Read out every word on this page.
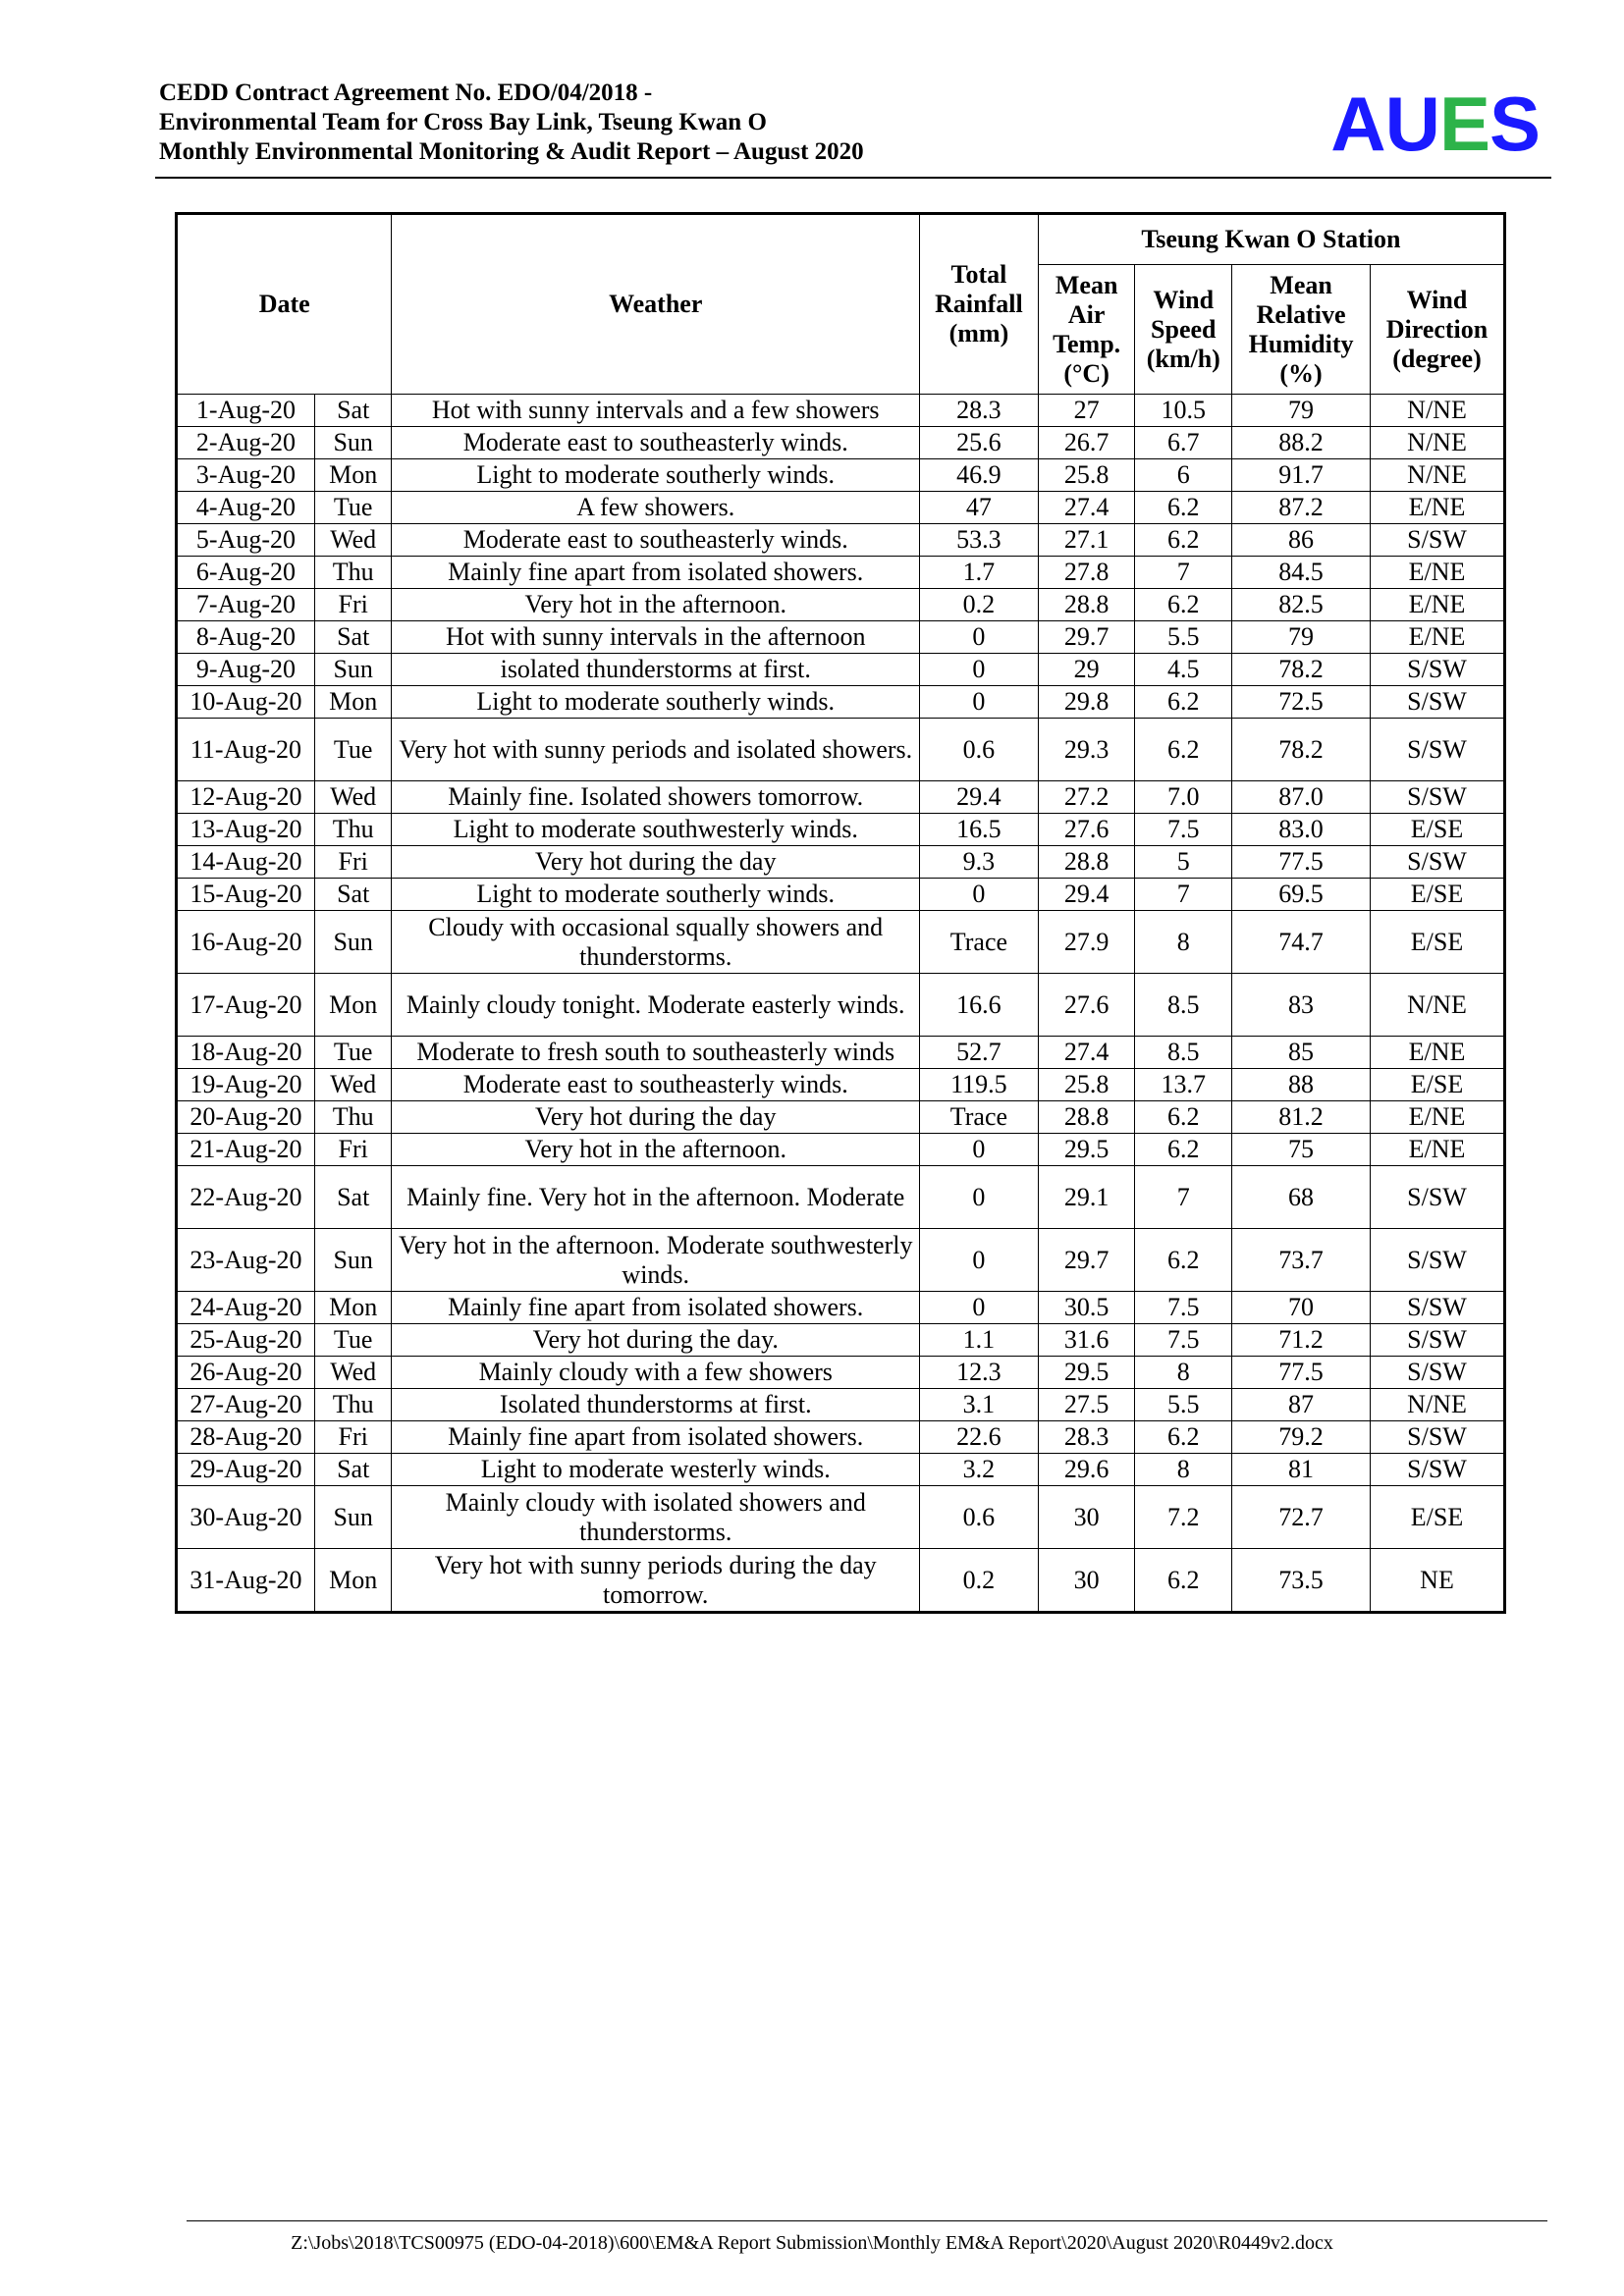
CEDD Contract Agreement No. EDO/04/2018 -
Environmental Team for Cross Bay Link, Tseung Kwan O
Monthly Environmental Monitoring & Audit Report – August 2020	AUES
Date		Weather	Total Rainfall (mm)	Tseung Kwan O Station			
				Mean Air Temp. (°C)	Wind Speed (km/h)	Mean Relative Humidity (%)	Wind Direction (degree)
1-Aug-20	Sat	Hot with sunny intervals and a few showers	28.3	27	10.5	79	N/NE
2-Aug-20	Sun	Moderate east to southeasterly winds.	25.6	26.7	6.7	88.2	N/NE
3-Aug-20	Mon	Light to moderate southerly winds.	46.9	25.8	6	91.7	N/NE
4-Aug-20	Tue	A few showers.	47	27.4	6.2	87.2	E/NE
5-Aug-20	Wed	Moderate east to southeasterly winds.	53.3	27.1	6.2	86	S/SW
6-Aug-20	Thu	Mainly fine apart from isolated showers.	1.7	27.8	7	84.5	E/NE
7-Aug-20	Fri	Very hot in the afternoon.	0.2	28.8	6.2	82.5	E/NE
8-Aug-20	Sat	Hot with sunny intervals in the afternoon	0	29.7	5.5	79	E/NE
9-Aug-20	Sun	isolated thunderstorms at first.	0	29	4.5	78.2	S/SW
10-Aug-20	Mon	Light to moderate southerly winds.	0	29.8	6.2	72.5	S/SW
11-Aug-20	Tue	Very hot with sunny periods and isolated showers.	0.6	29.3	6.2	78.2	S/SW
12-Aug-20	Wed	Mainly fine. Isolated showers tomorrow.	29.4	27.2	7.0	87.0	S/SW
13-Aug-20	Thu	Light to moderate southwesterly winds.	16.5	27.6	7.5	83.0	E/SE
14-Aug-20	Fri	Very hot during the day	9.3	28.8	5	77.5	S/SW
15-Aug-20	Sat	Light to moderate southerly winds.	0	29.4	7	69.5	E/SE
16-Aug-20	Sun	Cloudy with occasional squally showers and thunderstorms.	Trace	27.9	8	74.7	E/SE
17-Aug-20	Mon	Mainly cloudy tonight. Moderate easterly winds.	16.6	27.6	8.5	83	N/NE
18-Aug-20	Tue	Moderate to fresh south to southeasterly winds	52.7	27.4	8.5	85	E/NE
19-Aug-20	Wed	Moderate east to southeasterly winds.	119.5	25.8	13.7	88	E/SE
20-Aug-20	Thu	Very hot during the day	Trace	28.8	6.2	81.2	E/NE
21-Aug-20	Fri	Very hot in the afternoon.	0	29.5	6.2	75	E/NE
22-Aug-20	Sat	Mainly fine. Very hot in the afternoon. Moderate	0	29.1	7	68	S/SW
23-Aug-20	Sun	Very hot in the afternoon. Moderate southwesterly winds.	0	29.7	6.2	73.7	S/SW
24-Aug-20	Mon	Mainly fine apart from isolated showers.	0	30.5	7.5	70	S/SW
25-Aug-20	Tue	Very hot during the day.	1.1	31.6	7.5	71.2	S/SW
26-Aug-20	Wed	Mainly cloudy with a few showers	12.3	29.5	8	77.5	S/SW
27-Aug-20	Thu	Isolated thunderstorms at first.	3.1	27.5	5.5	87	N/NE
28-Aug-20	Fri	Mainly fine apart from isolated showers.	22.6	28.3	6.2	79.2	S/SW
29-Aug-20	Sat	Light to moderate westerly winds.	3.2	29.6	8	81	S/SW
30-Aug-20	Sun	Mainly cloudy with isolated showers and thunderstorms.	0.6	30	7.2	72.7	E/SE
31-Aug-20	Mon	Very hot with sunny periods during the day tomorrow.	0.2	30	6.2	73.5	NE
Z:\Jobs\2018\TCS00975 (EDO-04-2018)\600\EM&A Report Submission\Monthly EM&A Report\2020\August 2020\R0449v2.docx
